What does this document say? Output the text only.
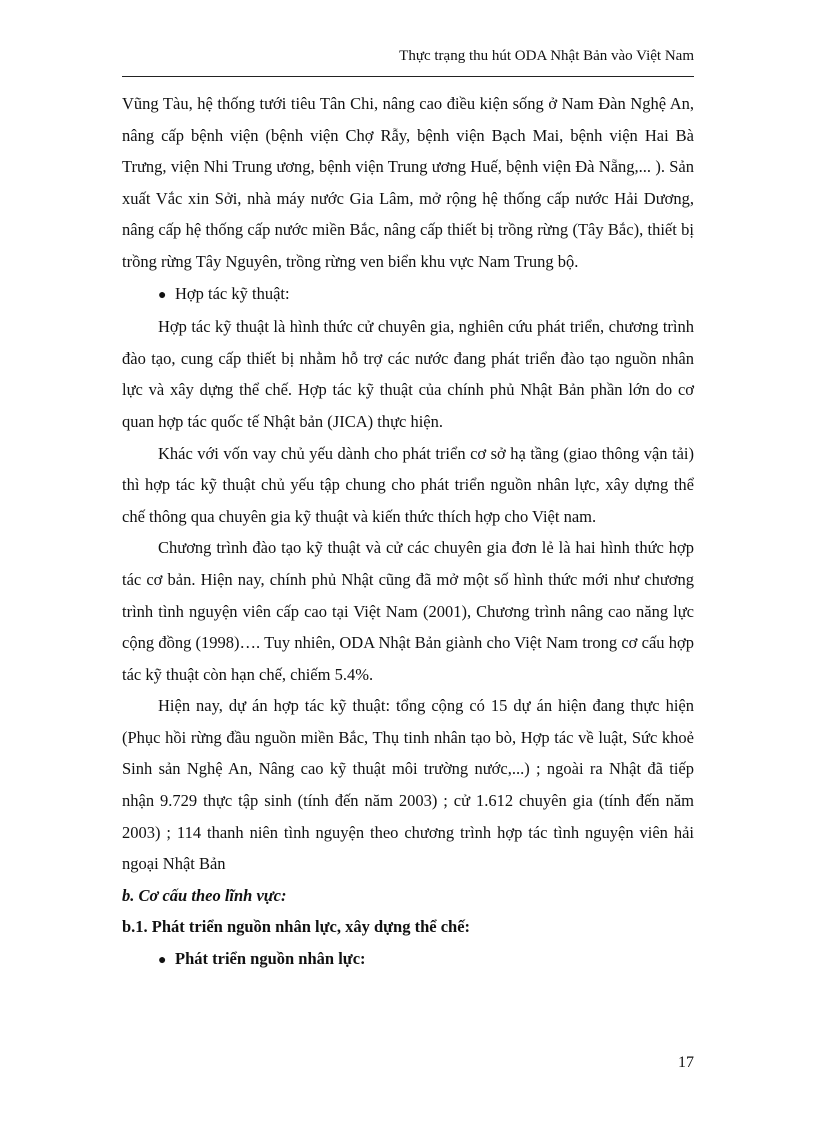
Thực trạng thu hút ODA Nhật Bản vào Việt Nam

Vũng Tàu, hệ thống tưới tiêu Tân Chi, nâng cao điều kiện sống ở Nam Đàn Nghệ An, nâng cấp bệnh viện (bệnh viện Chợ Rẫy, bệnh viện Bạch Mai, bệnh viện Hai Bà Trưng, viện Nhi Trung ương, bệnh viện Trung ương Huế, bệnh viện Đà Nẵng,... ). Sản xuất Vắc xin Sởi, nhà máy nước Gia Lâm, mở rộng hệ thống cấp nước Hải Dương, nâng cấp hệ thống cấp nước miền Bắc, nâng cấp thiết bị trồng rừng (Tây Bắc), thiết bị trồng rừng Tây Nguyên, trồng rừng ven biển khu vực Nam Trung bộ.

● Hợp tác kỹ thuật:

Hợp tác kỹ thuật là hình thức cử chuyên gia, nghiên cứu phát triển, chương trình đào tạo, cung cấp thiết bị nhằm hỗ trợ các nước đang phát triển đào tạo nguồn nhân lực và xây dựng thể chế. Hợp tác kỹ thuật của chính phủ Nhật Bản phần lớn do cơ quan hợp tác quốc tế Nhật bản (JICA) thực hiện.

Khác với vốn vay chủ yếu dành cho phát triển cơ sở hạ tầng (giao thông vận tải) thì hợp tác kỹ thuật chủ yếu tập chung cho phát triển nguồn nhân lực, xây dựng thể chế thông qua chuyên gia kỹ thuật và kiến thức thích hợp cho Việt nam.

Chương trình đào tạo kỹ thuật và cử các chuyên gia đơn lẻ là hai hình thức hợp tác cơ bản. Hiện nay, chính phủ Nhật cũng đã mở một số hình thức mới như chương trình tình nguyện viên cấp cao tại Việt Nam (2001), Chương trình nâng cao năng lực cộng đồng (1998)…. Tuy nhiên, ODA Nhật Bản giành cho Việt Nam trong cơ cấu hợp tác kỹ thuật còn hạn chế, chiếm 5.4%.

Hiện nay, dự án hợp tác kỹ thuật: tổng cộng có 15 dự án hiện đang thực hiện (Phục hồi rừng đầu nguồn miền Bắc, Thụ tinh nhân tạo bò, Hợp tác về luật, Sức khoẻ Sinh sản Nghệ An, Nâng cao kỹ thuật môi trường nước,...) ; ngoài ra Nhật đã tiếp nhận 9.729 thực tập sinh (tính đến năm 2003) ; cử 1.612 chuyên gia (tính đến năm 2003) ; 114 thanh niên tình nguyện theo chương trình hợp tác tình nguyện viên hải ngoại Nhật Bản

b. Cơ cấu theo lĩnh vực:

b.1. Phát triển nguồn nhân lực, xây dựng thể chế:

● Phát triển nguồn nhân lực:
17
